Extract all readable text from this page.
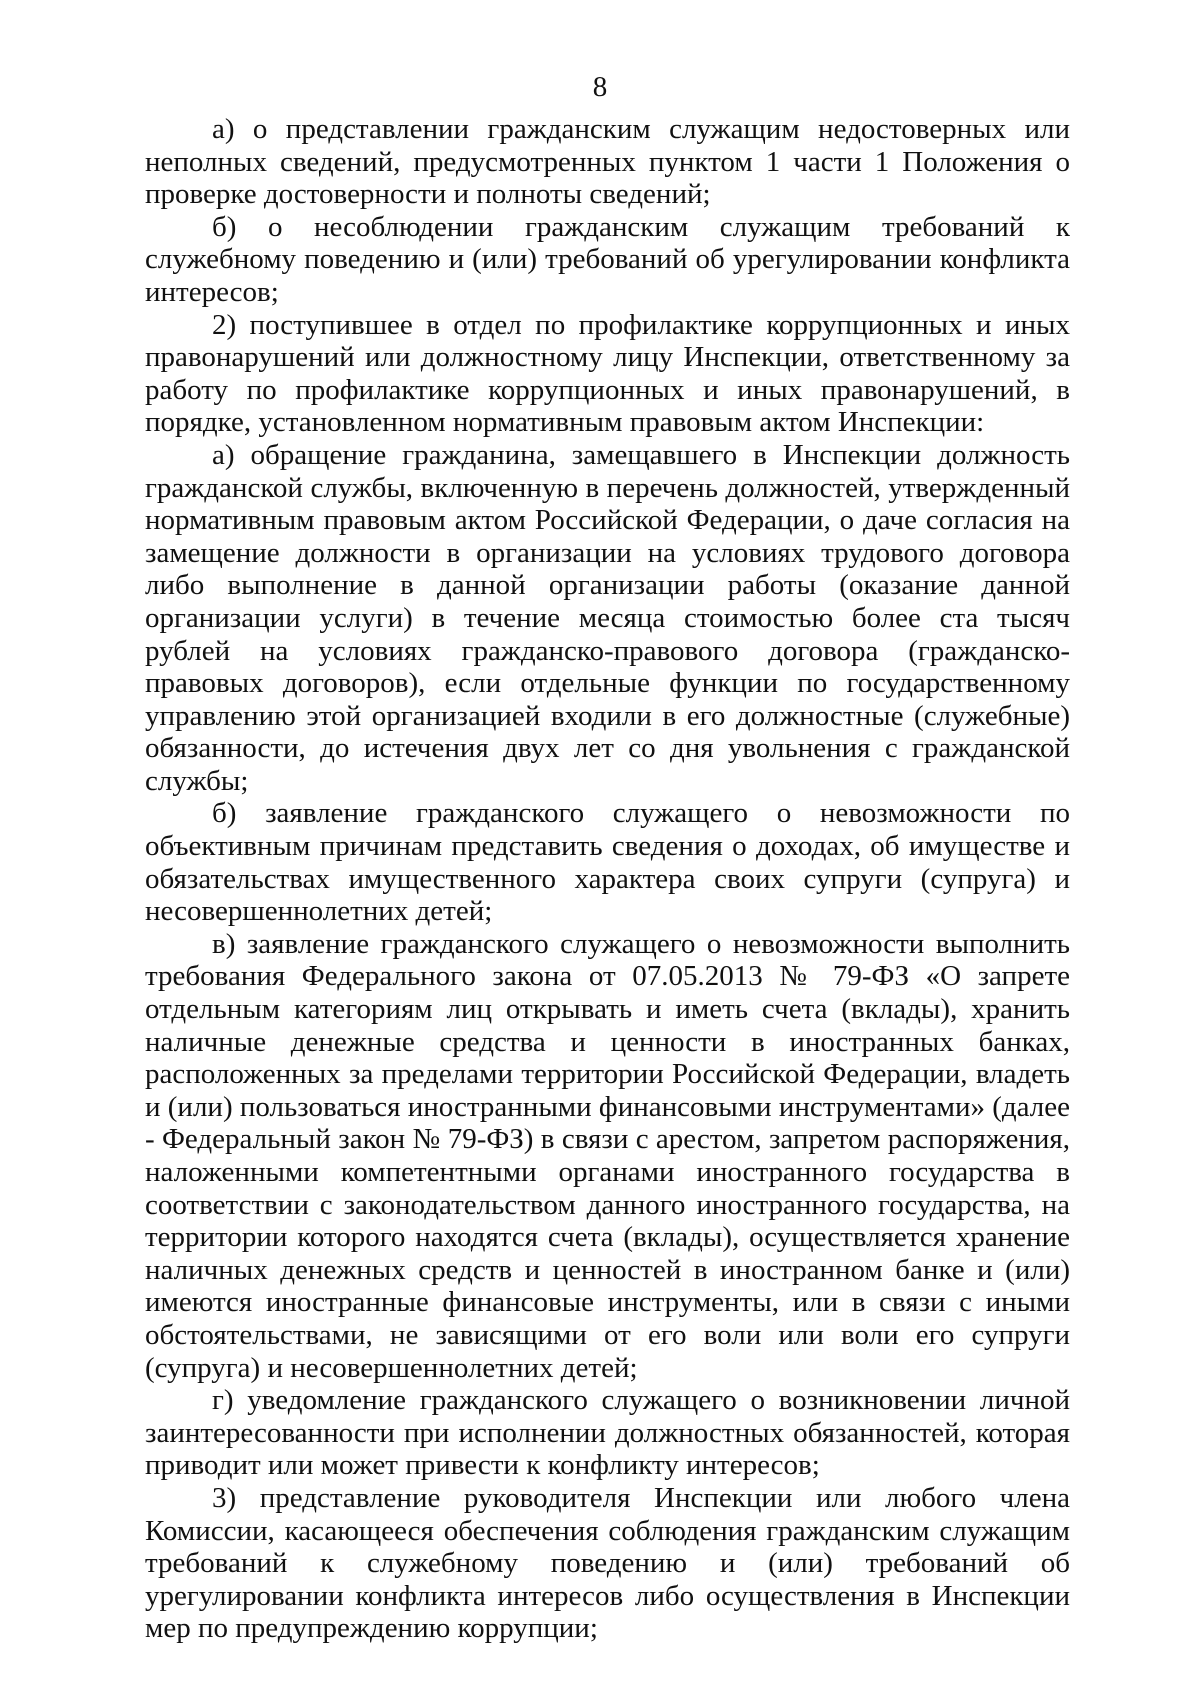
8

а) о представлении гражданским служащим недостоверных или неполных сведений, предусмотренных пунктом 1 части 1 Положения о проверке достоверности и полноты сведений;

б) о несоблюдении гражданским служащим требований к служебному поведению и (или) требований об урегулировании конфликта интересов;

2) поступившее в отдел по профилактике коррупционных и иных правонарушений или должностному лицу Инспекции, ответственному за работу по профилактике коррупционных и иных правонарушений, в порядке, установленном нормативным правовым актом Инспекции:

а) обращение гражданина, замещавшего в Инспекции должность гражданской службы, включенную в перечень должностей, утвержденный нормативным правовым актом Российской Федерации, о даче согласия на замещение должности в организации на условиях трудового договора либо выполнение в данной организации работы (оказание данной организации услуги) в течение месяца стоимостью более ста тысяч рублей на условиях гражданско-правового договора (гражданско-правовых договоров), если отдельные функции по государственному управлению этой организацией входили в его должностные (служебные) обязанности, до истечения двух лет со дня увольнения с гражданской службы;

б) заявление гражданского служащего о невозможности по объективным причинам представить сведения о доходах, об имуществе и обязательствах имущественного характера своих супруги (супруга) и несовершеннолетних детей;

в) заявление гражданского служащего о невозможности выполнить требования Федерального закона от 07.05.2013 № 79-ФЗ «О запрете отдельным категориям лиц открывать и иметь счета (вклады), хранить наличные денежные средства и ценности в иностранных банках, расположенных за пределами территории Российской Федерации, владеть и (или) пользоваться иностранными финансовыми инструментами» (далее - Федеральный закон № 79-ФЗ) в связи с арестом, запретом распоряжения, наложенными компетентными органами иностранного государства в соответствии с законодательством данного иностранного государства, на территории которого находятся счета (вклады), осуществляется хранение наличных денежных средств и ценностей в иностранном банке и (или) имеются иностранные финансовые инструменты, или в связи с иными обстоятельствами, не зависящими от его воли или воли его супруги (супруга) и несовершеннолетних детей;

г) уведомление гражданского служащего о возникновении личной заинтересованности при исполнении должностных обязанностей, которая приводит или может привести к конфликту интересов;

3) представление руководителя Инспекции или любого члена Комиссии, касающееся обеспечения соблюдения гражданским служащим требований к служебному поведению и (или) требований об урегулировании конфликта интересов либо осуществления в Инспекции мер по предупреждению коррупции;
